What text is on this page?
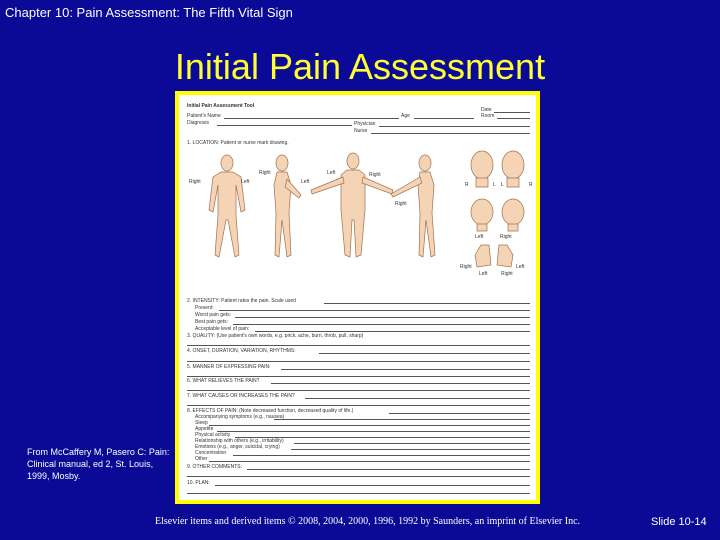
Chapter 10: Pain Assessment: The Fifth Vital Sign
Initial Pain Assessment
Initial Pain Assessment Tool
Date
Patient's Name	Age	Room
Diagnosis	Physician
Nurse
1. LOCATION: Patient or nurse mark drawing.
Right
Right	Left	Left
Left	Right
Right
R	L L	R
Left	Right
Right
Left	Right
Left
2. INTENSITY: Patient rates the pain. Scale used
Present:
Worst pain gets:
Best pain gets:
Acceptable level of pain:
3. QUALITY: (Use patient's own words, e.g. prick, ache, burn, throb, pull, sharp)
4. ONSET, DURATION, VARIATION, RHYTHMS:
5. MANNER OF EXPRESSING PAIN:
6. WHAT RELIEVES THE PAIN?
7. WHAT CAUSES OR INCREASES THE PAIN?
8. EFFECTS OF PAIN: (Note decreased function, decreased quality of life.)
Accompanying symptoms (e.g., nausea)
Sleep
Appetite
Physical activity
Relationship with others (e.g., irritability)
Emotions (e.g., anger, suicidal, crying)
Concentration
Other
9. OTHER COMMENTS:
10. PLAN:
From McCaffery M, Pasero C: Pain: Clinical manual, ed 2, St. Louis, 1999, Mosby.
Elsevier items and derived items © 2008, 2004, 2000, 1996, 1992 by Saunders, an imprint of Elsevier Inc.	Slide 10-14
